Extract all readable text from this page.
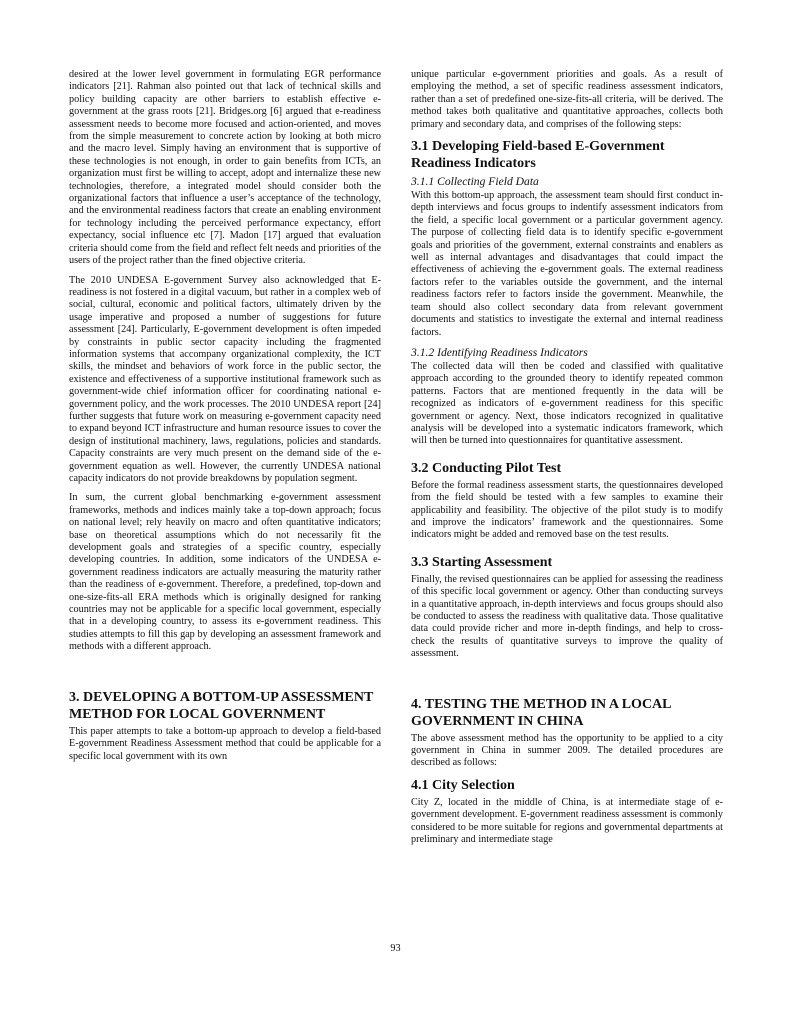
desired at the lower level government in formulating EGR performance indicators [21]. Rahman also pointed out that lack of technical skills and policy building capacity are other barriers to establish effective e-government at the grass roots [21]. Bridges.org [6] argued that e-readiness assessment needs to become more focused and action-oriented, and moves from the simple measurement to concrete action by looking at both micro and the macro level. Simply having an environment that is supportive of these technologies is not enough, in order to gain benefits from ICTs, an organization must first be willing to accept, adopt and internalize these new technologies, therefore, a integrated model should consider both the organizational factors that influence a user’s acceptance of the technology, and the environmental readiness factors that create an enabling environment for technology including the perceived performance expectancy, effort expectancy, social influence etc [7]. Madon [17] argued that evaluation criteria should come from the field and reflect felt needs and priorities of the users of the project rather than the fined objective criteria.

The 2010 UNDESA E-government Survey also acknowledged that E-readiness is not fostered in a digital vacuum, but rather in a complex web of social, cultural, economic and political factors, ultimately driven by the usage imperative and proposed a number of suggestions for future assessment [24]. Particularly, E-government development is often impeded by constraints in public sector capacity including the fragmented information systems that accompany organizational complexity, the ICT skills, the mindset and behaviors of work force in the public sector, the existence and effectiveness of a supportive institutional framework such as government-wide chief information officer for coordinating national e-government policy, and the work processes. The 2010 UNDESA report [24] further suggests that future work on measuring e-government capacity need to expand beyond ICT infrastructure and human resource issues to cover the design of institutional machinery, laws, regulations, policies and standards. Capacity constraints are very much present on the demand side of the e-government equation as well. However, the currently UNDESA national capacity indicators do not provide breakdowns by population segment.

In sum, the current global benchmarking e-government assessment frameworks, methods and indices mainly take a top-down approach; focus on national level; rely heavily on macro and often quantitative indicators; base on theoretical assumptions which do not necessarily fit the development goals and strategies of a specific country, especially developing countries. In addition, some indicators of the UNDESA e-government readiness indicators are actually measuring the maturity rather than the readiness of e-government. Therefore, a predefined, top-down and one-size-fits-all ERA methods which is originally designed for ranking countries may not be applicable for a specific local government, especially that in a developing country, to assess its e-government readiness. This studies attempts to fill this gap by developing an assessment framework and methods with a different approach.

3. DEVELOPING A BOTTOM-UP ASSESSMENT METHOD FOR LOCAL GOVERNMENT

This paper attempts to take a bottom-up approach to develop a field-based E-government Readiness Assessment method that could be applicable for a specific local government with its own

unique particular e-government priorities and goals. As a result of employing the method, a set of specific readiness assessment indicators, rather than a set of predefined one-size-fits-all criteria, will be derived. The method takes both qualitative and quantitative approaches, collects both primary and secondary data, and comprises of the following steps:

3.1 Developing Field-based E-Government Readiness Indicators
3.1.1 Collecting Field Data

With this bottom-up approach, the assessment team should first conduct in-depth interviews and focus groups to indentify assessment indicators from the field, a specific local government or a particular government agency. The purpose of collecting field data is to identify specific e-government goals and priorities of the government, external constraints and enablers as well as internal advantages and disadvantages that could impact the effectiveness of achieving the e-government goals. The external readiness factors refer to the variables outside the government, and the internal readiness factors refer to factors inside the government. Meanwhile, the team should also collect secondary data from relevant government documents and statistics to investigate the external and internal readiness factors.

3.1.2 Identifying Readiness Indicators

The collected data will then be coded and classified with qualitative approach according to the grounded theory to identify repeated common patterns. Factors that are mentioned frequently in the data will be recognized as indicators of e-government readiness for this specific government or agency. Next, those indicators recognized in qualitative analysis will be developed into a systematic indicators framework, which will then be turned into questionnaires for quantitative assessment.

3.2 Conducting Pilot Test

Before the formal readiness assessment starts, the questionnaires developed from the field should be tested with a few samples to examine their applicability and feasibility. The objective of the pilot study is to modify and improve the indicators’ framework and the questionnaires. Some indicators might be added and removed base on the test results.

3.3 Starting Assessment

Finally, the revised questionnaires can be applied for assessing the readiness of this specific local government or agency. Other than conducting surveys in a quantitative approach, in-depth interviews and focus groups should also be conducted to assess the readiness with qualitative data. Those qualitative data could provide richer and more in-depth findings, and help to cross-check the results of quantitative surveys to improve the quality of assessment.

4. TESTING THE METHOD IN A LOCAL GOVERNMENT IN CHINA

The above assessment method has the opportunity to be applied to a city government in China in summer 2009. The detailed procedures are described as follows:

4.1 City Selection

City Z, located in the middle of China, is at intermediate stage of e-government development. E-government readiness assessment is commonly considered to be more suitable for regions and governmental departments at preliminary and intermediate stage

93
